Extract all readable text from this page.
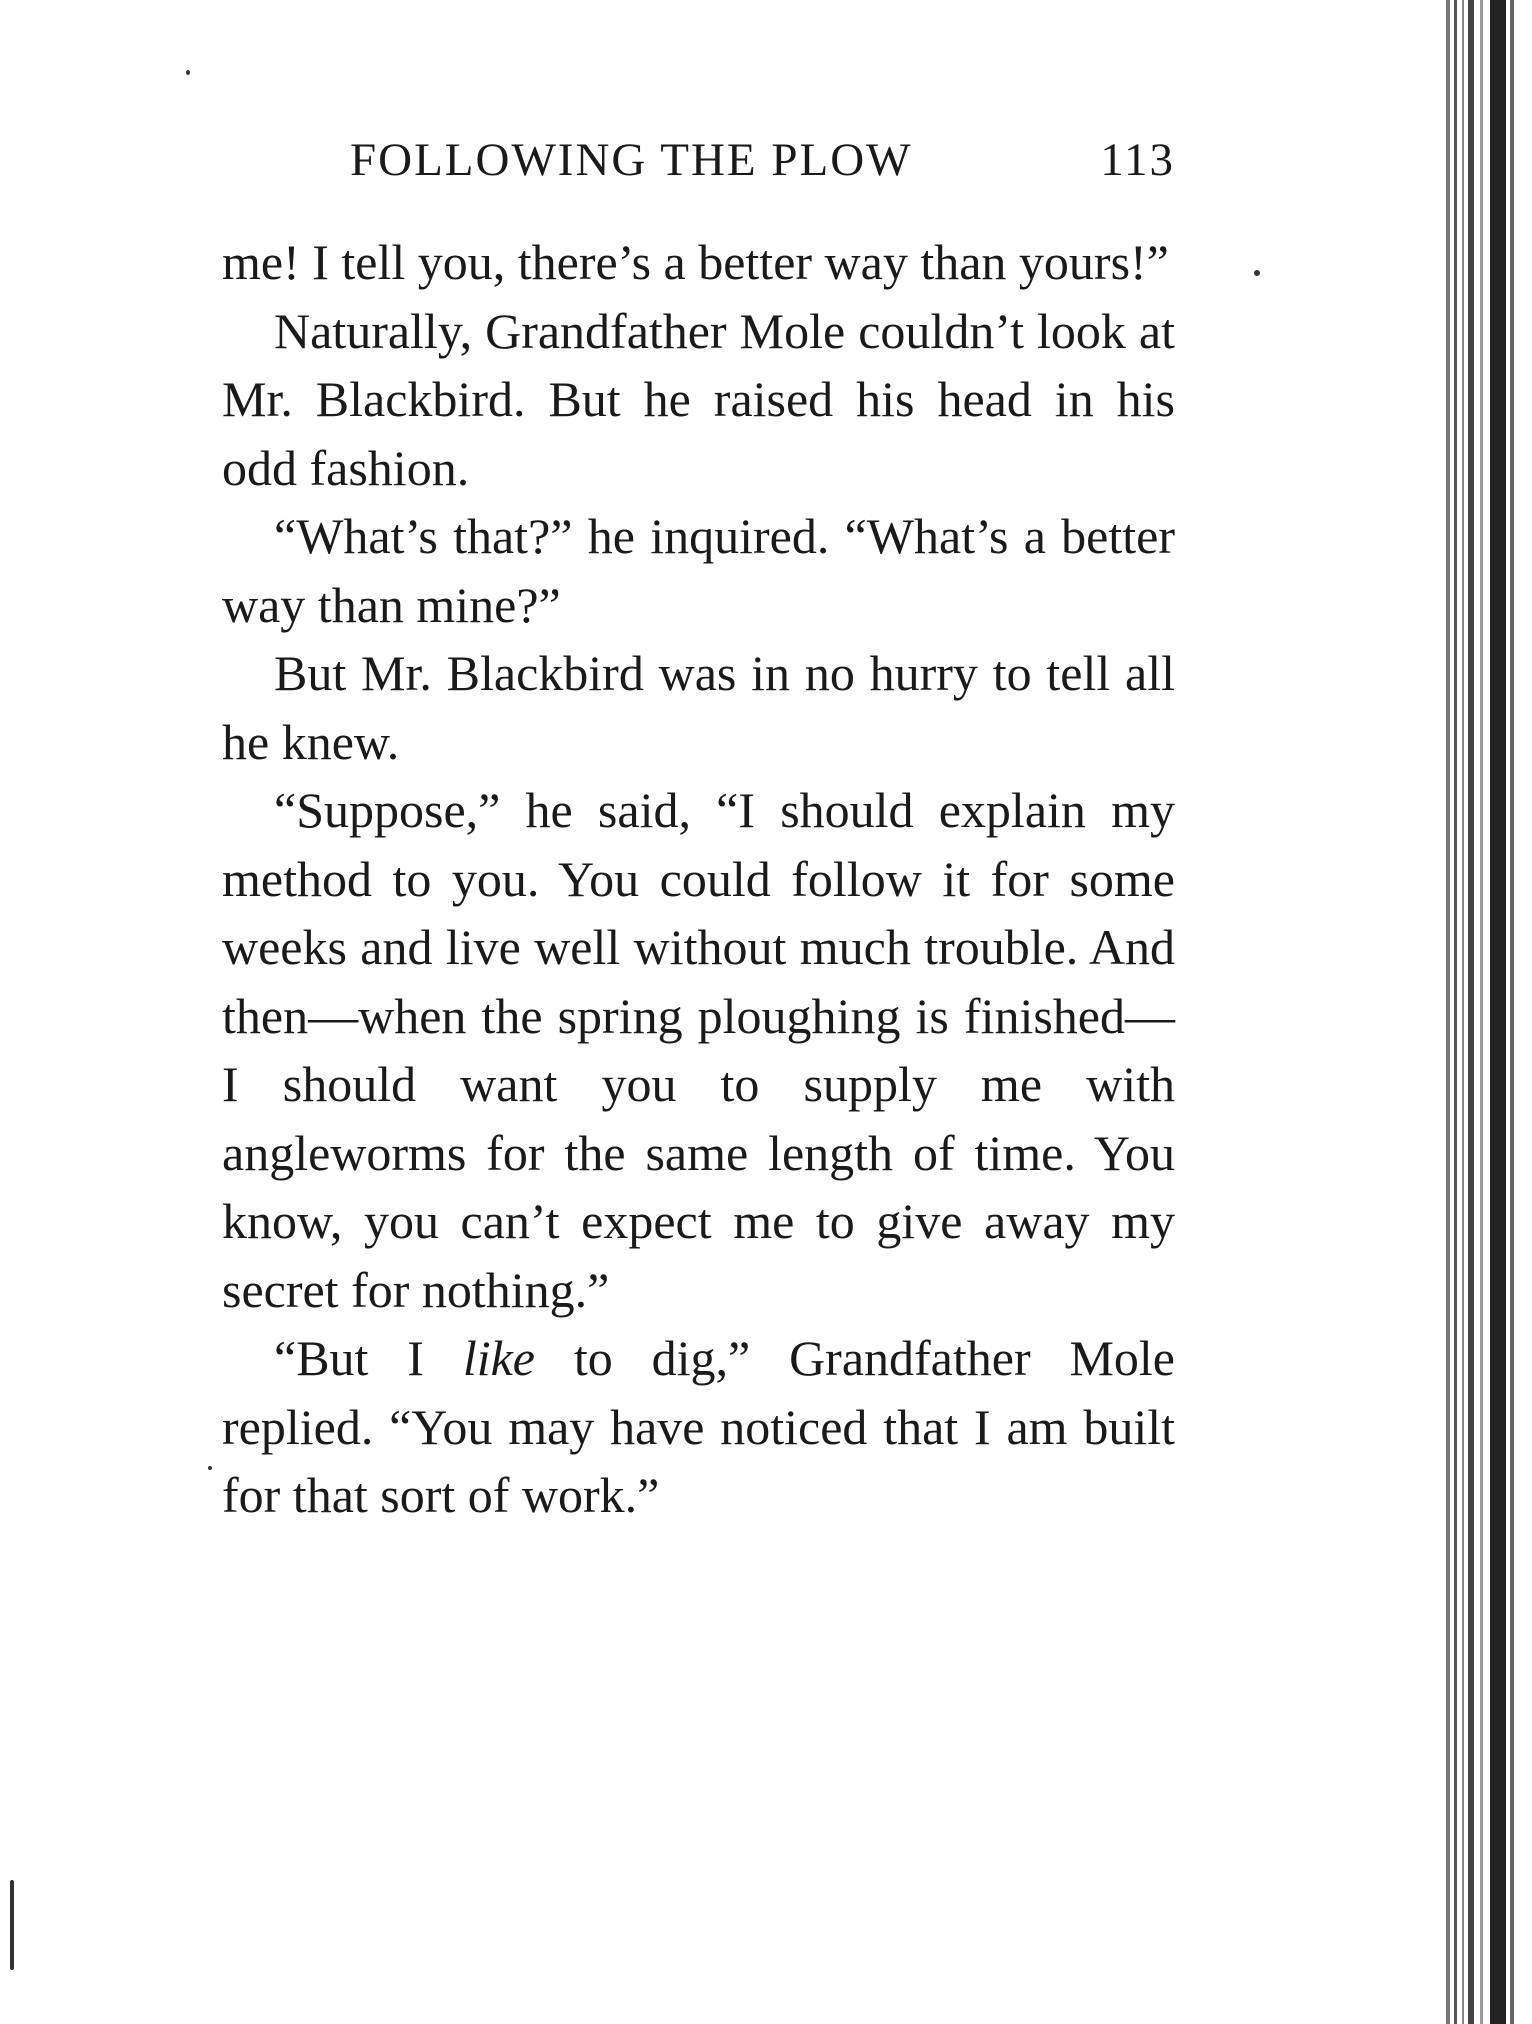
FOLLOWING THE PLOW	113

me! I tell you, there’s a better way than yours!”

Naturally, Grandfather Mole couldn’t look at Mr. Blackbird. But he raised his head in his odd fashion.

“What’s that?” he inquired. “What’s a better way than mine?”

But Mr. Blackbird was in no hurry to tell all he knew.

“Suppose,” he said, “I should explain my method to you. You could follow it for some weeks and live well without much trouble. And then—when the spring ploughing is finished—I should want you to supply me with angleworms for the same length of time. You know, you can’t expect me to give away my secret for nothing.”

“But I like to dig,” Grandfather Mole replied. “You may have noticed that I am built for that sort of work.”
